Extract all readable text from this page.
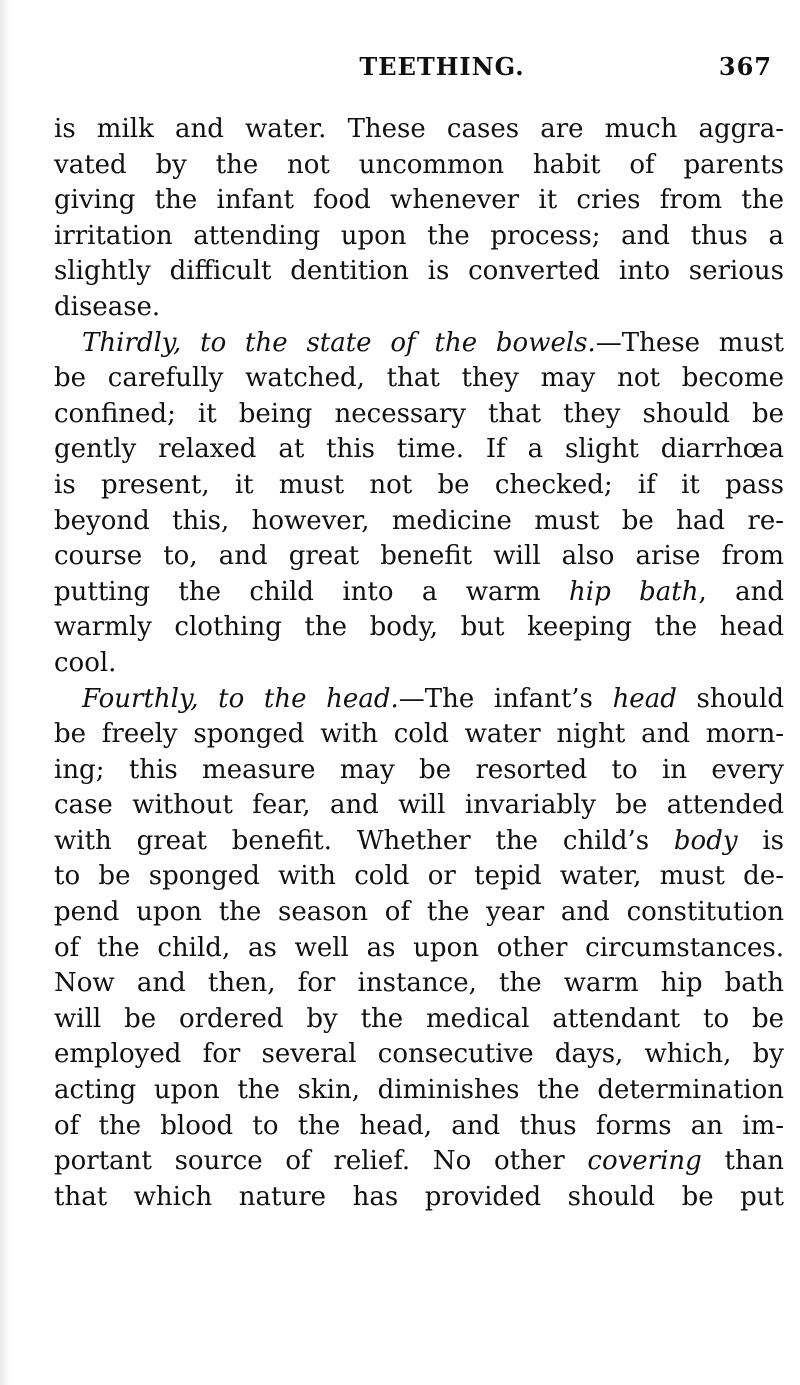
TEETHING.	367
is milk and water. These cases are much aggra-
vated by the not uncommon habit of parents
giving the infant food whenever it cries from the
irritation attending upon the process; and thus a
slightly difficult dentition is converted into serious
disease.
Thirdly, to the state of the bowels.—These must
be carefully watched, that they may not become
confined; it being necessary that they should be
gently relaxed at this time. If a slight diarrhœa
is present, it must not be checked; if it pass
beyond this, however, medicine must be had re-
course to, and great benefit will also arise from
putting the child into a warm hip bath, and
warmly clothing the body, but keeping the head
cool.
Fourthly, to the head.—The infant’s head should
be freely sponged with cold water night and morn-
ing; this measure may be resorted to in every
case without fear, and will invariably be attended
with great benefit. Whether the child’s body is
to be sponged with cold or tepid water, must de-
pend upon the season of the year and constitution
of the child, as well as upon other circumstances.
Now and then, for instance, the warm hip bath
will be ordered by the medical attendant to be
employed for several consecutive days, which, by
acting upon the skin, diminishes the determination
of the blood to the head, and thus forms an im-
portant source of relief. No other covering than
that which nature has provided should be put
